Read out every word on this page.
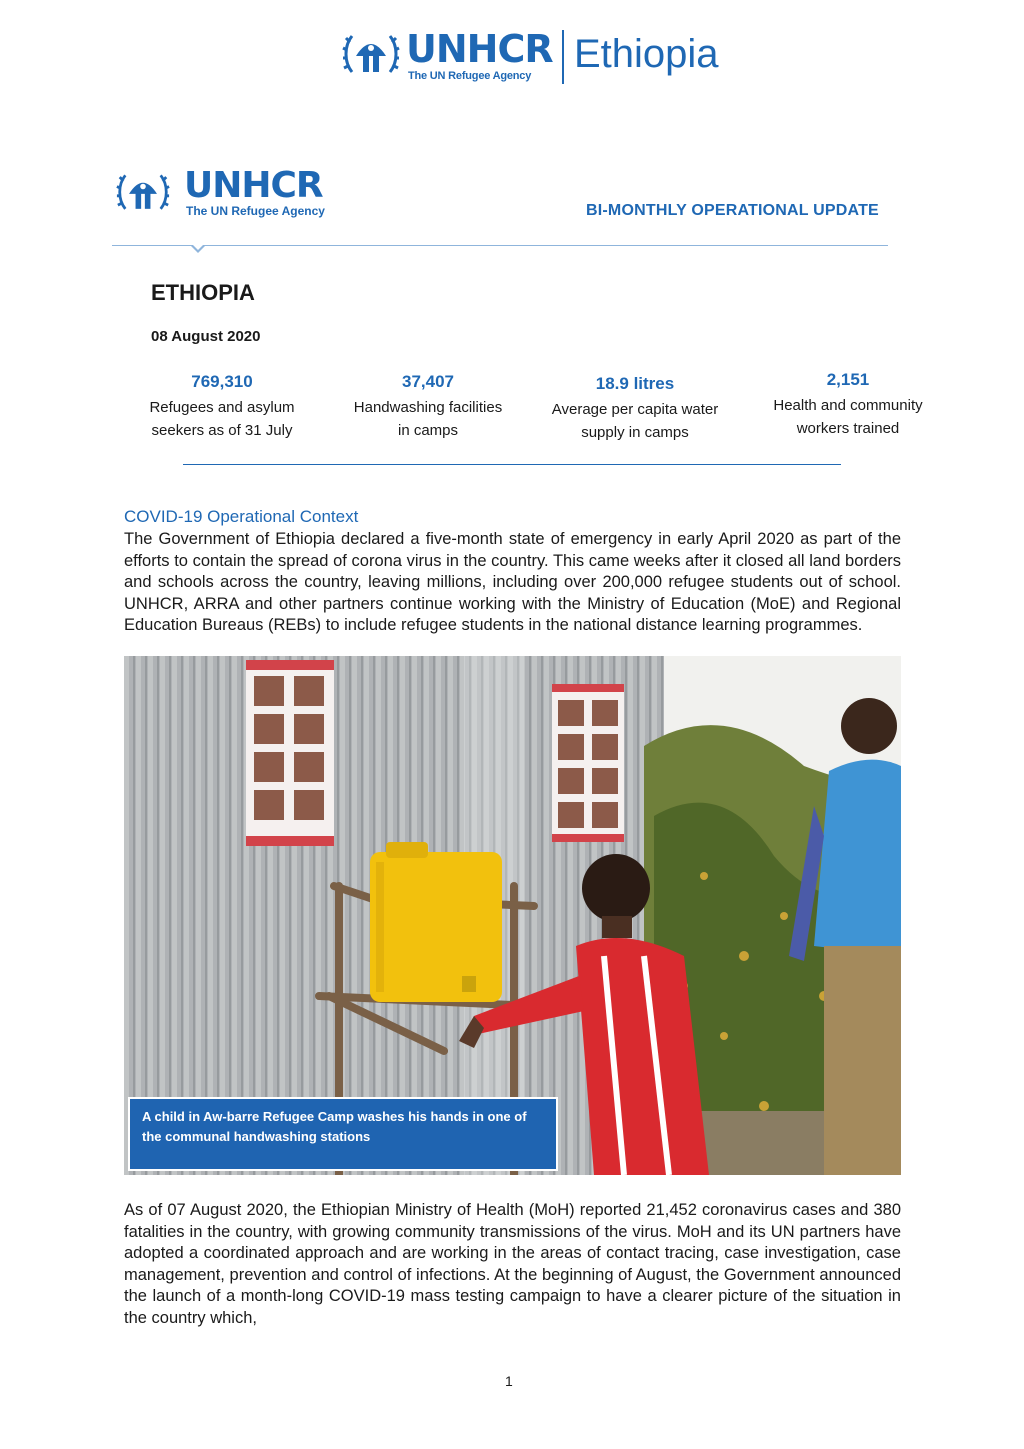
UNHCR
The UN Refugee Agency Ethiopia
UNHCR
The UN Refugee Agency	BI-MONTHLY OPERATIONAL UPDATE
ETHIOPIA
08 August 2020
769,310
Refugees and asylum
seekers as of 31 July
37,407
Handwashing facilities
in camps
18.9 litres
Average per capita water
supply in camps
2,151
Health and community
workers trained
COVID-19 Operational Context
The Government of Ethiopia declared a five-month state of emergency in early April 2020 as part of the efforts to contain the spread of corona virus in the country. This came weeks after it closed all land borders and schools across the country, leaving millions, including over 200,000 refugee students out of school. UNHCR, ARRA and other partners continue working with the Ministry of Education (MoE) and Regional Education Bureaus (REBs) to include refugee students in the national distance learning programmes.
A child in Aw-barre Refugee Camp washes his hands in one of the communal handwashing stations
As of 07 August 2020, the Ethiopian Ministry of Health (MoH) reported 21,452 coronavirus cases and 380 fatalities in the country, with growing community transmissions of the virus. MoH and its UN partners have adopted a coordinated approach and are working in the areas of contact tracing, case investigation, case management, prevention and control of infections. At the beginning of August, the Government announced the launch of a month-long COVID-19 mass testing campaign to have a clearer picture of the situation in the country which,
1
